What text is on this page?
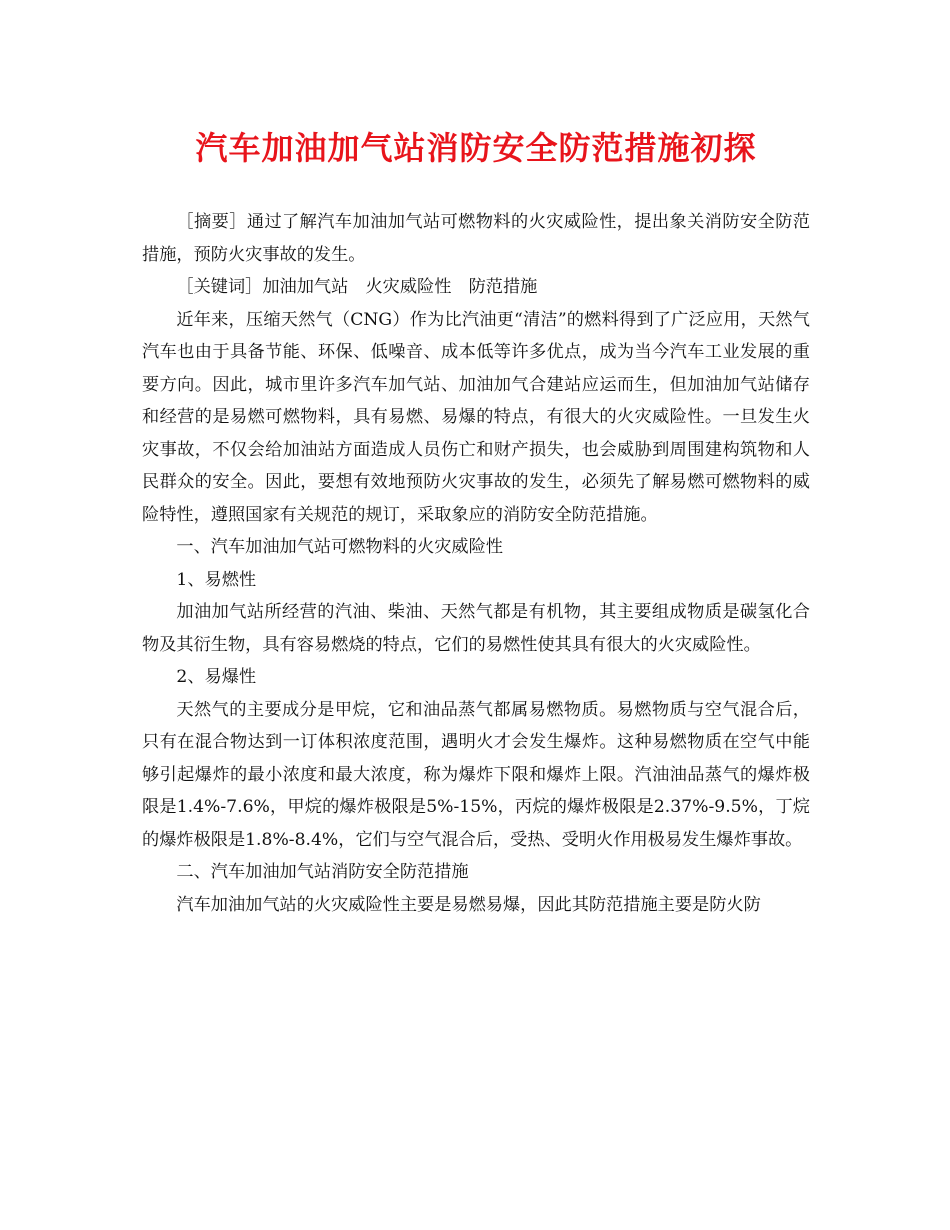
汽车加油加气站消防安全防范措施初探

［摘要］通过了解汽车加油加气站可燃物料的火灾威险性，提出象关消防安全防范措施，预防火灾事故的发生。

［关键词］加油加气站　火灾威险性　防范措施

近年来，压缩天然气（CNG）作为比汽油更“清洁”的燃料得到了广泛应用，天然气汽车也由于具备节能、环保、低噪音、成本低等许多优点，成为当今汽车工业发展的重要方向。因此，城市里许多汽车加气站、加油加气合建站应运而生，但加油加气站储存和经营的是易燃可燃物料，具有易燃、易爆的特点，有很大的火灾威险性。一旦发生火灾事故，不仅会给加油站方面造成人员伤亡和财产损失，也会威胁到周围建构筑物和人民群众的安全。因此，要想有效地预防火灾事故的发生，必须先了解易燃可燃物料的威险特性，遵照国家有关规范的规订，采取象应的消防安全防范措施。

一、汽车加油加气站可燃物料的火灾威险性

1、易燃性

加油加气站所经营的汽油、柴油、天然气都是有机物，其主要组成物质是碳氢化合物及其衍生物，具有容易燃烧的特点，它们的易燃性使其具有很大的火灾威险性。

2、易爆性

天然气的主要成分是甲烷，它和油品蒸气都属易燃物质。易燃物质与空气混合后，只有在混合物达到一订体积浓度范围，遇明火才会发生爆炸。这种易燃物质在空气中能够引起爆炸的最小浓度和最大浓度，称为爆炸下限和爆炸上限。汽油油品蒸气的爆炸极限是1.4%-7.6%，甲烷的爆炸极限是5%-15%，丙烷的爆炸极限是2.37%-9.5%，丁烷的爆炸极限是1.8%-8.4%，它们与空气混合后，受热、受明火作用极易发生爆炸事故。

二、汽车加油加气站消防安全防范措施

汽车加油加气站的火灾威险性主要是易燃易爆，因此其防范措施主要是防火防
